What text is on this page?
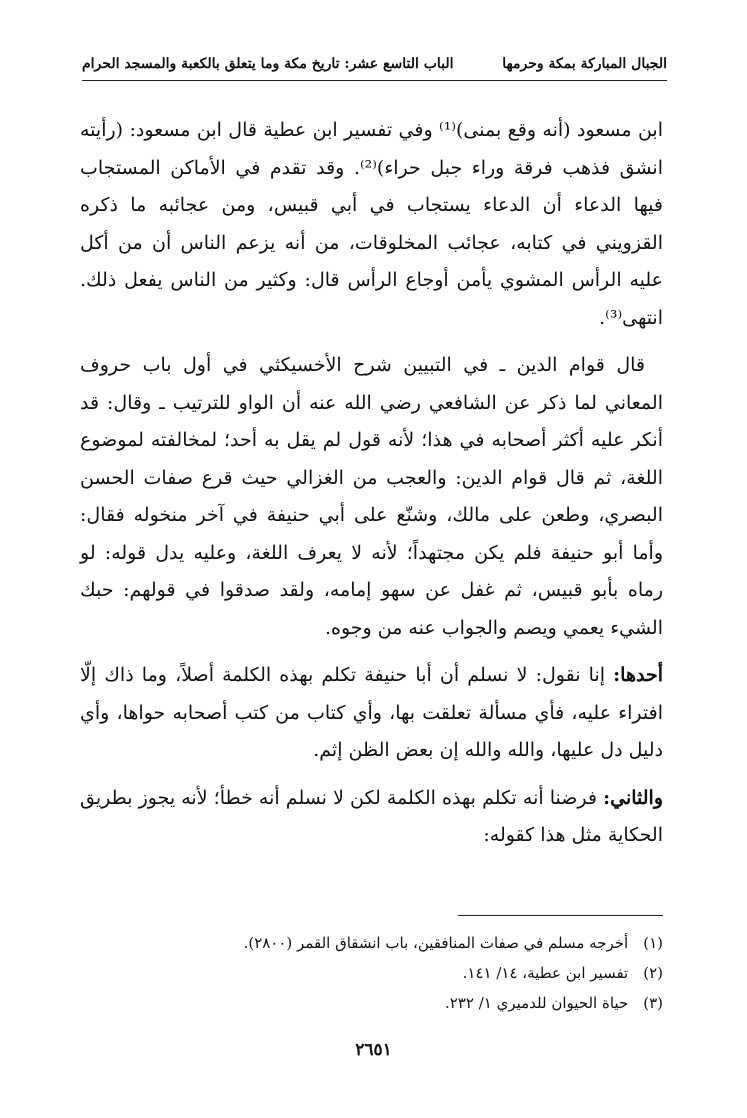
الجبال المباركة بمكة وحرمها
الباب التاسع عشر: تاريخ مكة وما يتعلق بالكعبة والمسجد الحرام

ابن مسعود (أنه وقع بمنى)⁽¹⁾ وفي تفسير ابن عطية قال ابن مسعود: (رأيته انشق فذهب فرقة وراء جبل حراء)⁽²⁾. وقد تقدم في الأماكن المستجاب فيها الدعاء أن الدعاء يستجاب في أبي قبيس، ومن عجائبه ما ذكره القزويني في كتابه، عجائب المخلوقات، من أنه يزعم الناس أن من أكل عليه الرأس المشوي يأمن أوجاع الرأس قال: وكثير من الناس يفعل ذلك. انتهى⁽³⁾.

قال قوام الدين ـ في التبيين شرح الأخسيكثي في أول باب حروف المعاني لما ذكر عن الشافعي رضي الله عنه أن الواو للترتيب ـ وقال: قد أنكر عليه أكثر أصحابه في هذا؛ لأنه قول لم يقل به أحد؛ لمخالفته لموضوع اللغة، ثم قال قوام الدين: والعجب من الغزالي حيث قرع صفات الحسن البصري، وطعن على مالك، وشنّع على أبي حنيفة في آخر منخوله فقال: وأما أبو حنيفة فلم يكن مجتهداً؛ لأنه لا يعرف اللغة، وعليه يدل قوله: لو رماه بأبو قبيس، ثم غفل عن سهو إمامه، ولقد صدقوا في قولهم: حبك الشيء يعمي ويصم والجواب عنه من وجوه.

أحدها: إنا نقول: لا نسلم أن أبا حنيفة تكلم بهذه الكلمة أصلاً، وما ذاك إلّا افتراء عليه، فأي مسألة تعلقت بها، وأي كتاب من كتب أصحابه حواها، وأي دليل دل عليها، والله والله إن بعض الظن إثم.

والثاني: فرضنا أنه تكلم بهذه الكلمة لكن لا نسلم أنه خطأ؛ لأنه يجوز بطريق الحكاية مثل هذا كقوله:

(١) أخرجه مسلم في صفات المنافقين، باب انشقاق القمر (٢٨٠٠).

(٢) تفسير ابن عطية، ١٤/ ١٤١.

(٣) حياة الحيوان للدميري ١/ ٢٣٢.

٢٦٥١
